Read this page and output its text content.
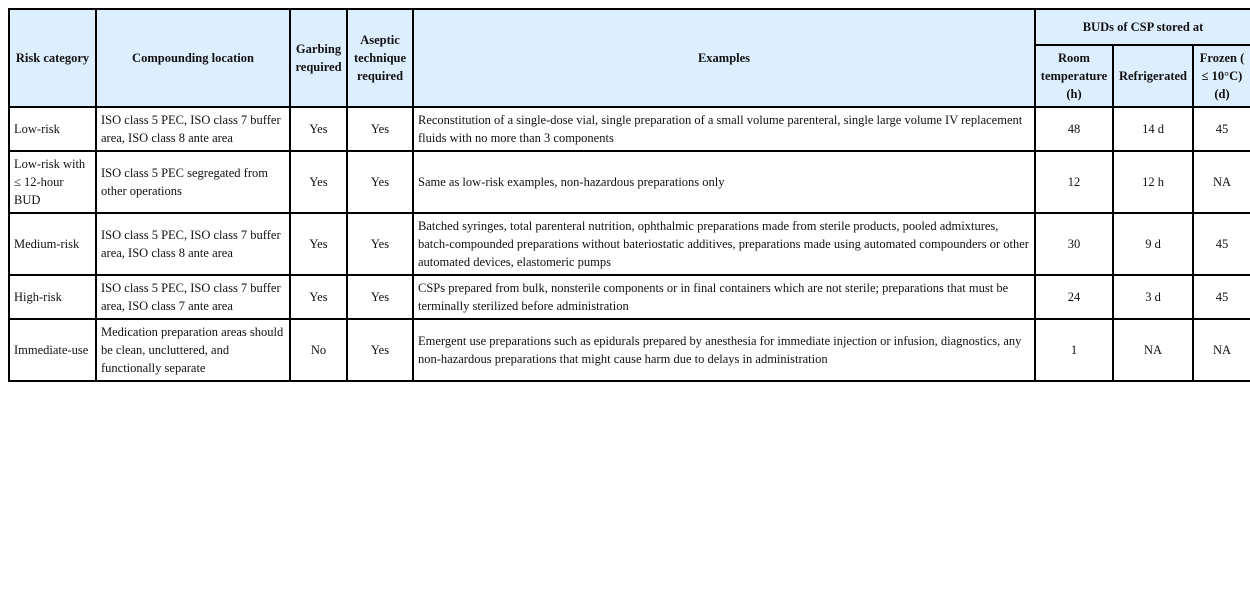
Risk category	Compounding location	Garbing required	Aseptic technique required	Examples	BUDs of CSP stored at		
					Room temperature (h)	Refrigerated	Frozen ( ≤ 10°C) (d)
Low-risk	ISO class 5 PEC, ISO class 7 buffer area, ISO class 8 ante area	Yes	Yes	Reconstitution of a single-dose vial, single preparation of a small volume parenteral, single large volume IV replacement fluids with no more than 3 components	48	14 d	45
Low-risk with ≤ 12-hour BUD	ISO class 5 PEC segregated from other operations	Yes	Yes	Same as low-risk examples, non-hazardous preparations only	12	12 h	NA
Medium-risk	ISO class 5 PEC, ISO class 7 buffer area, ISO class 8 ante area	Yes	Yes	Batched syringes, total parenteral nutrition, ophthalmic preparations made from sterile products, pooled admixtures, batch-compounded preparations without bateriostatic additives, preparations made using automated compounders or other automated devices, elastomeric pumps	30	9 d	45
High-risk	ISO class 5 PEC, ISO class 7 buffer area, ISO class 7 ante area	Yes	Yes	CSPs prepared from bulk, nonsterile components or in final containers which are not sterile; preparations that must be terminally sterilized before administration	24	3 d	45
Immediate-use	Medication preparation areas should be clean, uncluttered, and functionally separate	No	Yes	Emergent use preparations such as epidurals prepared by anesthesia for immediate injection or infusion, diagnostics, any non-hazardous preparations that might cause harm due to delays in administration	1	NA	NA
